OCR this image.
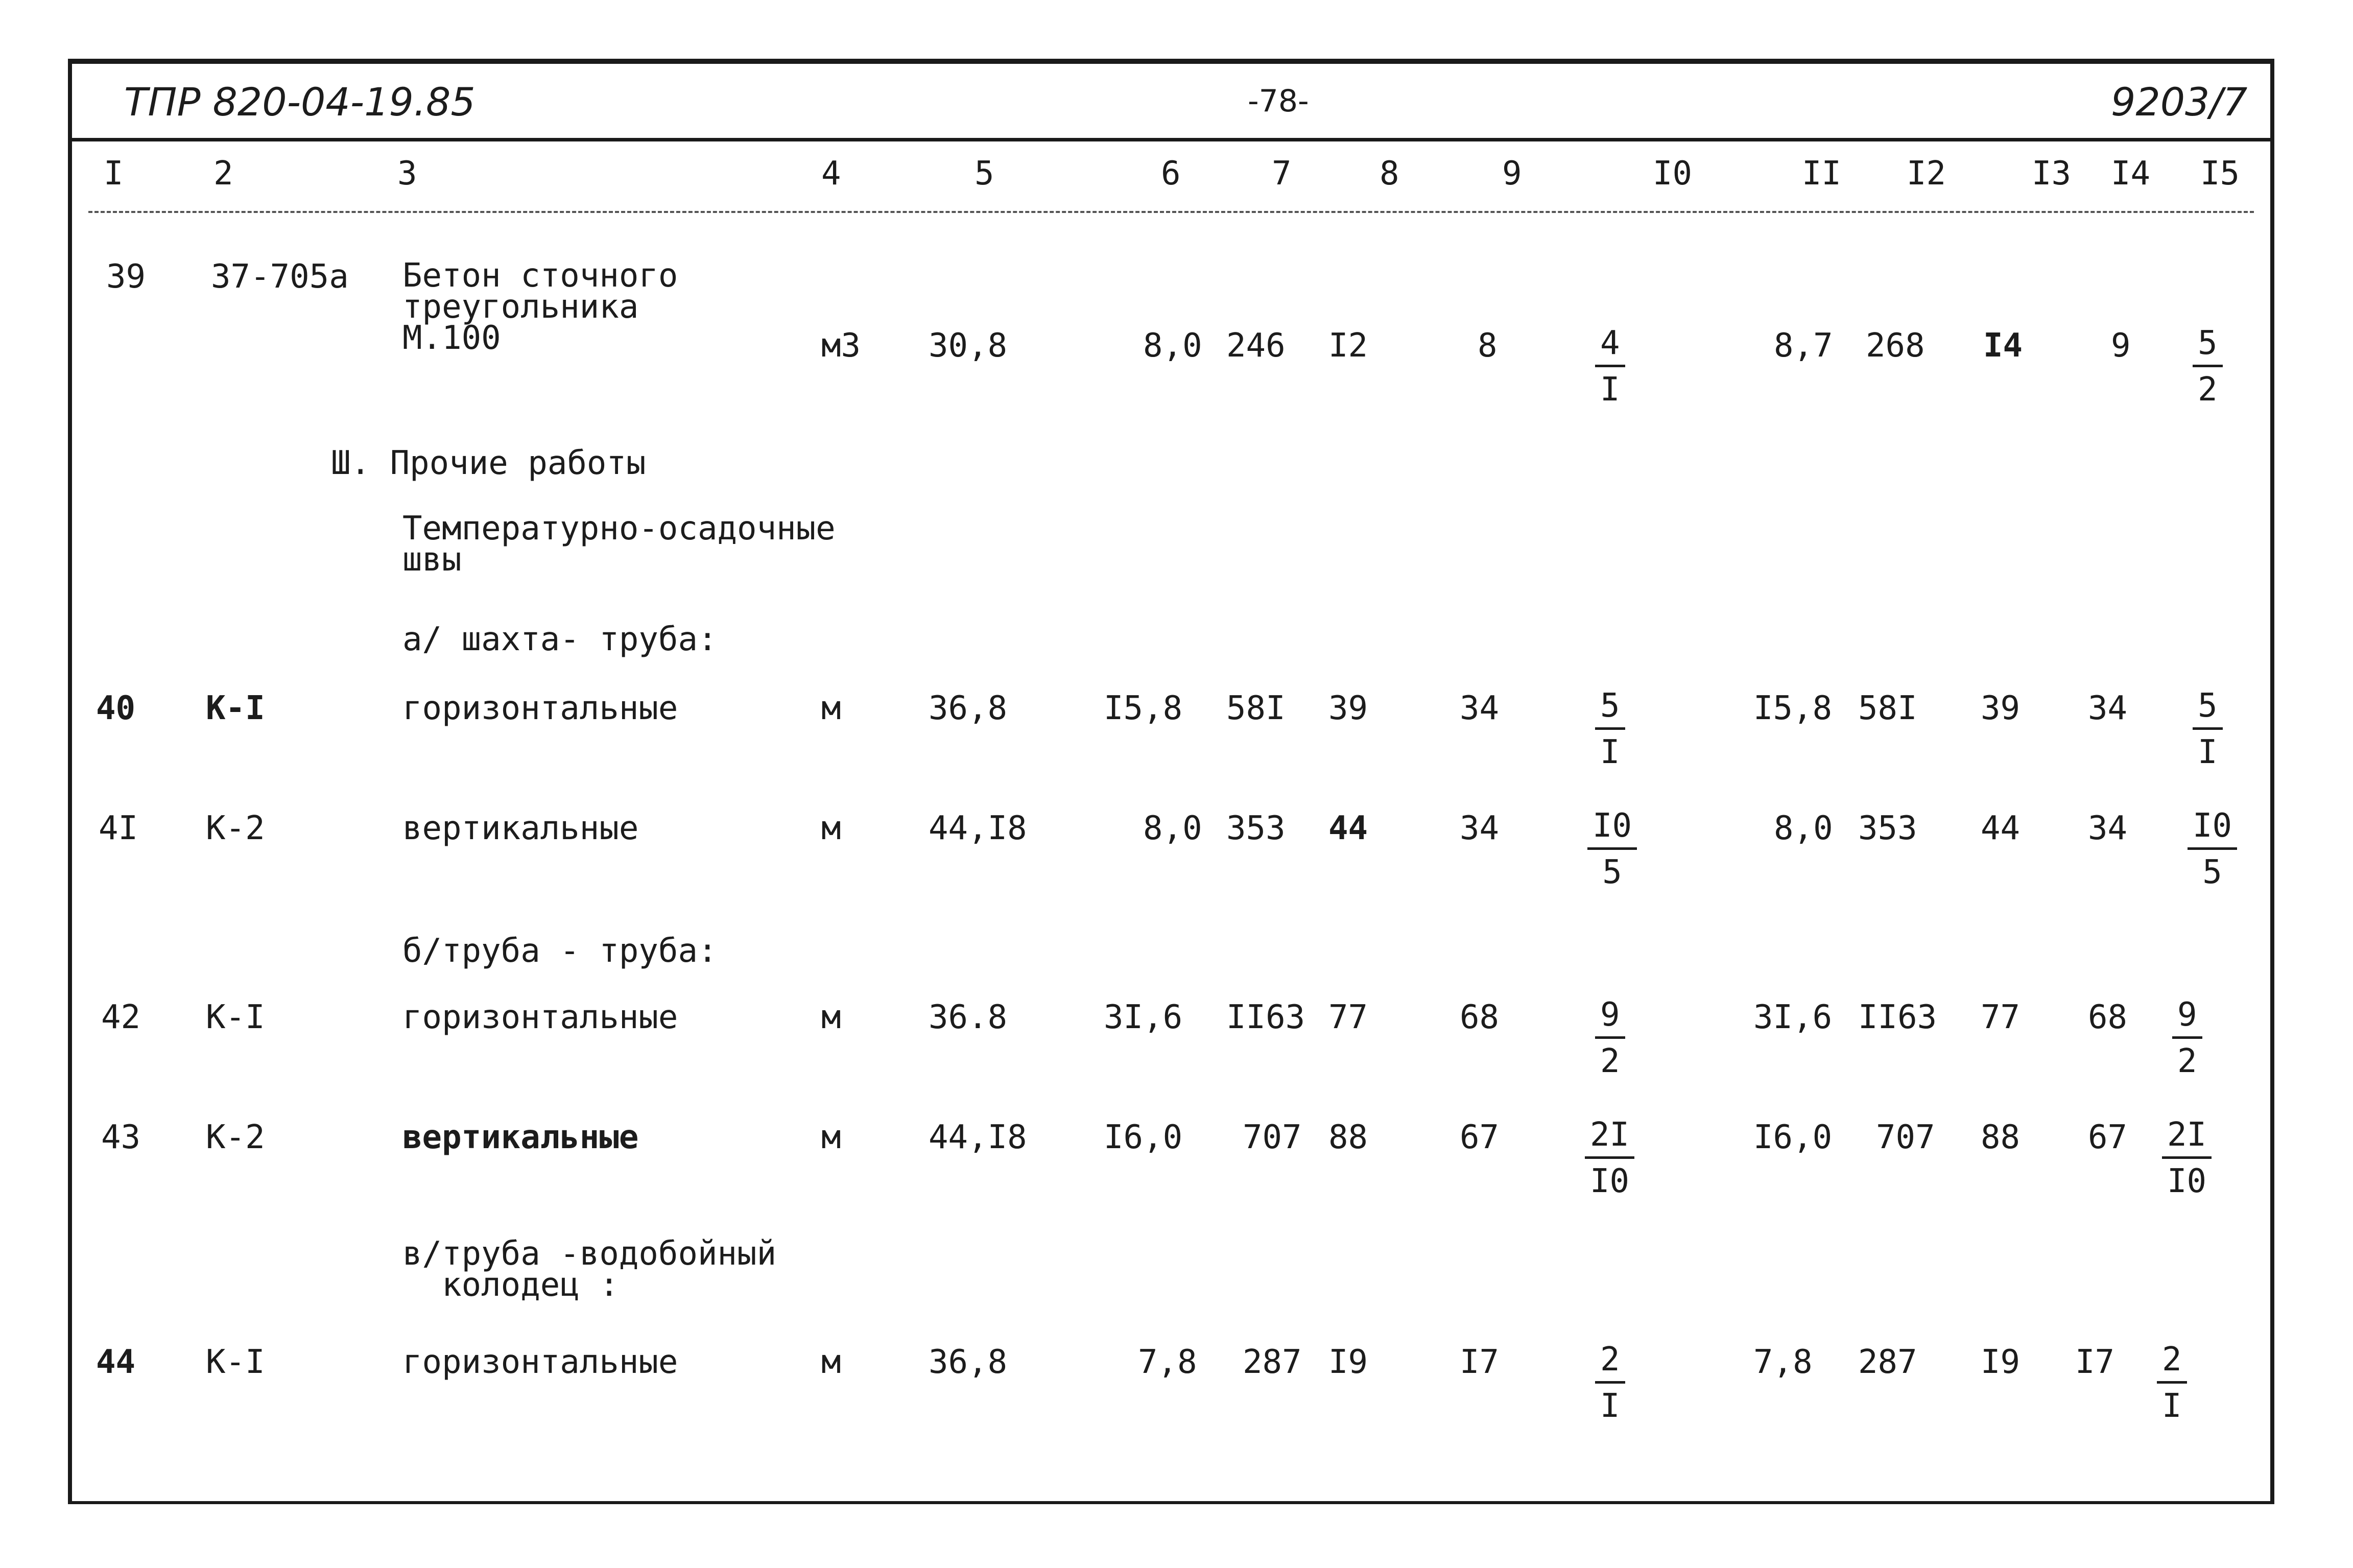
ТПР 820-04-19.85	-78-	9203/7
I	2	3	4	5	6	7	8	9	I0	II I2	I3 I4 I5
39 37-705а Бетон сточного
треугольника
М.100	м3 30,8	8,0 246 I2	8	$\frac{4}{I}$	8,7 268 I4	$9 \frac{5}{2}$
Ш. Прочие работы
Температурно-осадочные
швы
а/ шахта- труба:
40 К-I	горизонтальные	м	36,8	I5,8 58I 39	34	$\frac{5}{I}$	I5,8 58I 39 $34 \frac{5}{I}$
4I К-2	вертикальные	м	44,I8	8,0 353 44	34	$\frac{I0}{5}$	8,0 353 44 $34 \frac{I0}{5}$
б/труба - труба:
42 К-I	горизонтальные	м	36.8	3I,6 II63 77	68	$\frac{9}{2}$	3I,6 II63 77 $68 \frac{9}{2}$
43 К-2	вертикальные	м	44,I8 I6,0 707 88	67	$\frac{2I}{I0}$	I6,0 707 88 $67 \frac{2I}{I0}$
в/труба -водобойный
колодец :
44 К-I	горизонтальные	м	36,8	7,8 287 I9	I7	$\frac{2}{I}$	7,8 287 I9 $I7 \frac{2}{I}$
